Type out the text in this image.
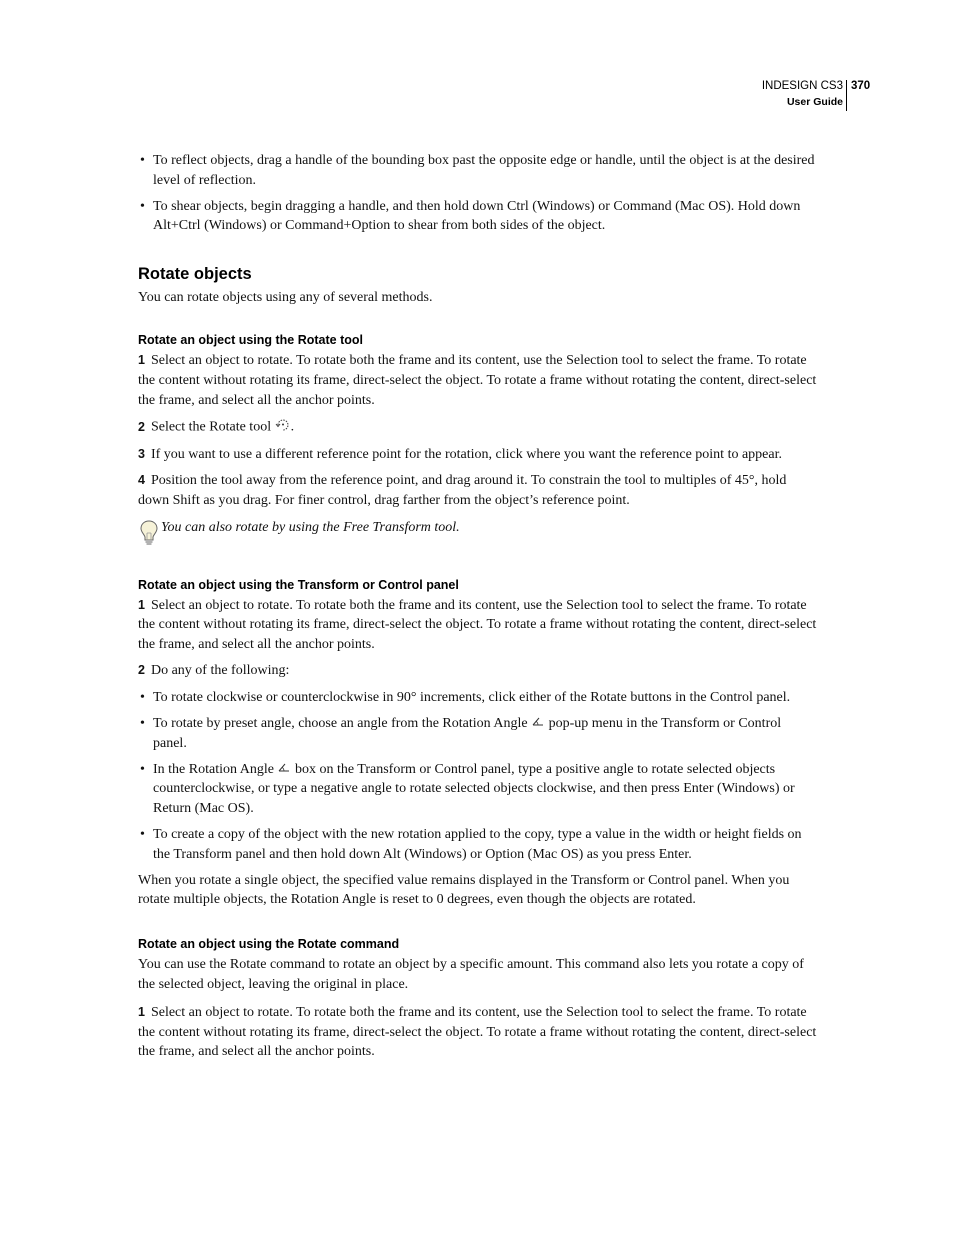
INDESIGN CS3
User Guide
370
• To reflect objects, drag a handle of the bounding box past the opposite edge or handle, until the object is at the desired level of reflection.
• To shear objects, begin dragging a handle, and then hold down Ctrl (Windows) or Command (Mac OS). Hold down Alt+Ctrl (Windows) or Command+Option to shear from both sides of the object.
Rotate objects
You can rotate objects using any of several methods.
Rotate an object using the Rotate tool
1 Select an object to rotate. To rotate both the frame and its content, use the Selection tool to select the frame. To rotate the content without rotating its frame, direct-select the object. To rotate a frame without rotating the content, direct-select the frame, and select all the anchor points.
2 Select the Rotate tool .
3 If you want to use a different reference point for the rotation, click where you want the reference point to appear.
4 Position the tool away from the reference point, and drag around it. To constrain the tool to multiples of 45°, hold down Shift as you drag. For finer control, drag farther from the object’s reference point.
You can also rotate by using the Free Transform tool.
Rotate an object using the Transform or Control panel
1 Select an object to rotate. To rotate both the frame and its content, use the Selection tool to select the frame. To rotate the content without rotating its frame, direct-select the object. To rotate a frame without rotating the content, direct-select the frame, and select all the anchor points.
2 Do any of the following:
• To rotate clockwise or counterclockwise in 90° increments, click either of the Rotate buttons in the Control panel.
• To rotate by preset angle, choose an angle from the Rotation Angle pop-up menu in the Transform or Control panel.
• In the Rotation Angle box on the Transform or Control panel, type a positive angle to rotate selected objects counterclockwise, or type a negative angle to rotate selected objects clockwise, and then press Enter (Windows) or Return (Mac OS).
• To create a copy of the object with the new rotation applied to the copy, type a value in the width or height fields on the Transform panel and then hold down Alt (Windows) or Option (Mac OS) as you press Enter.
When you rotate a single object, the specified value remains displayed in the Transform or Control panel. When you rotate multiple objects, the Rotation Angle is reset to 0 degrees, even though the objects are rotated.
Rotate an object using the Rotate command
You can use the Rotate command to rotate an object by a specific amount. This command also lets you rotate a copy of the selected object, leaving the original in place.
1 Select an object to rotate. To rotate both the frame and its content, use the Selection tool to select the frame. To rotate the content without rotating its frame, direct-select the object. To rotate a frame without rotating the content, direct-select the frame, and select all the anchor points.
